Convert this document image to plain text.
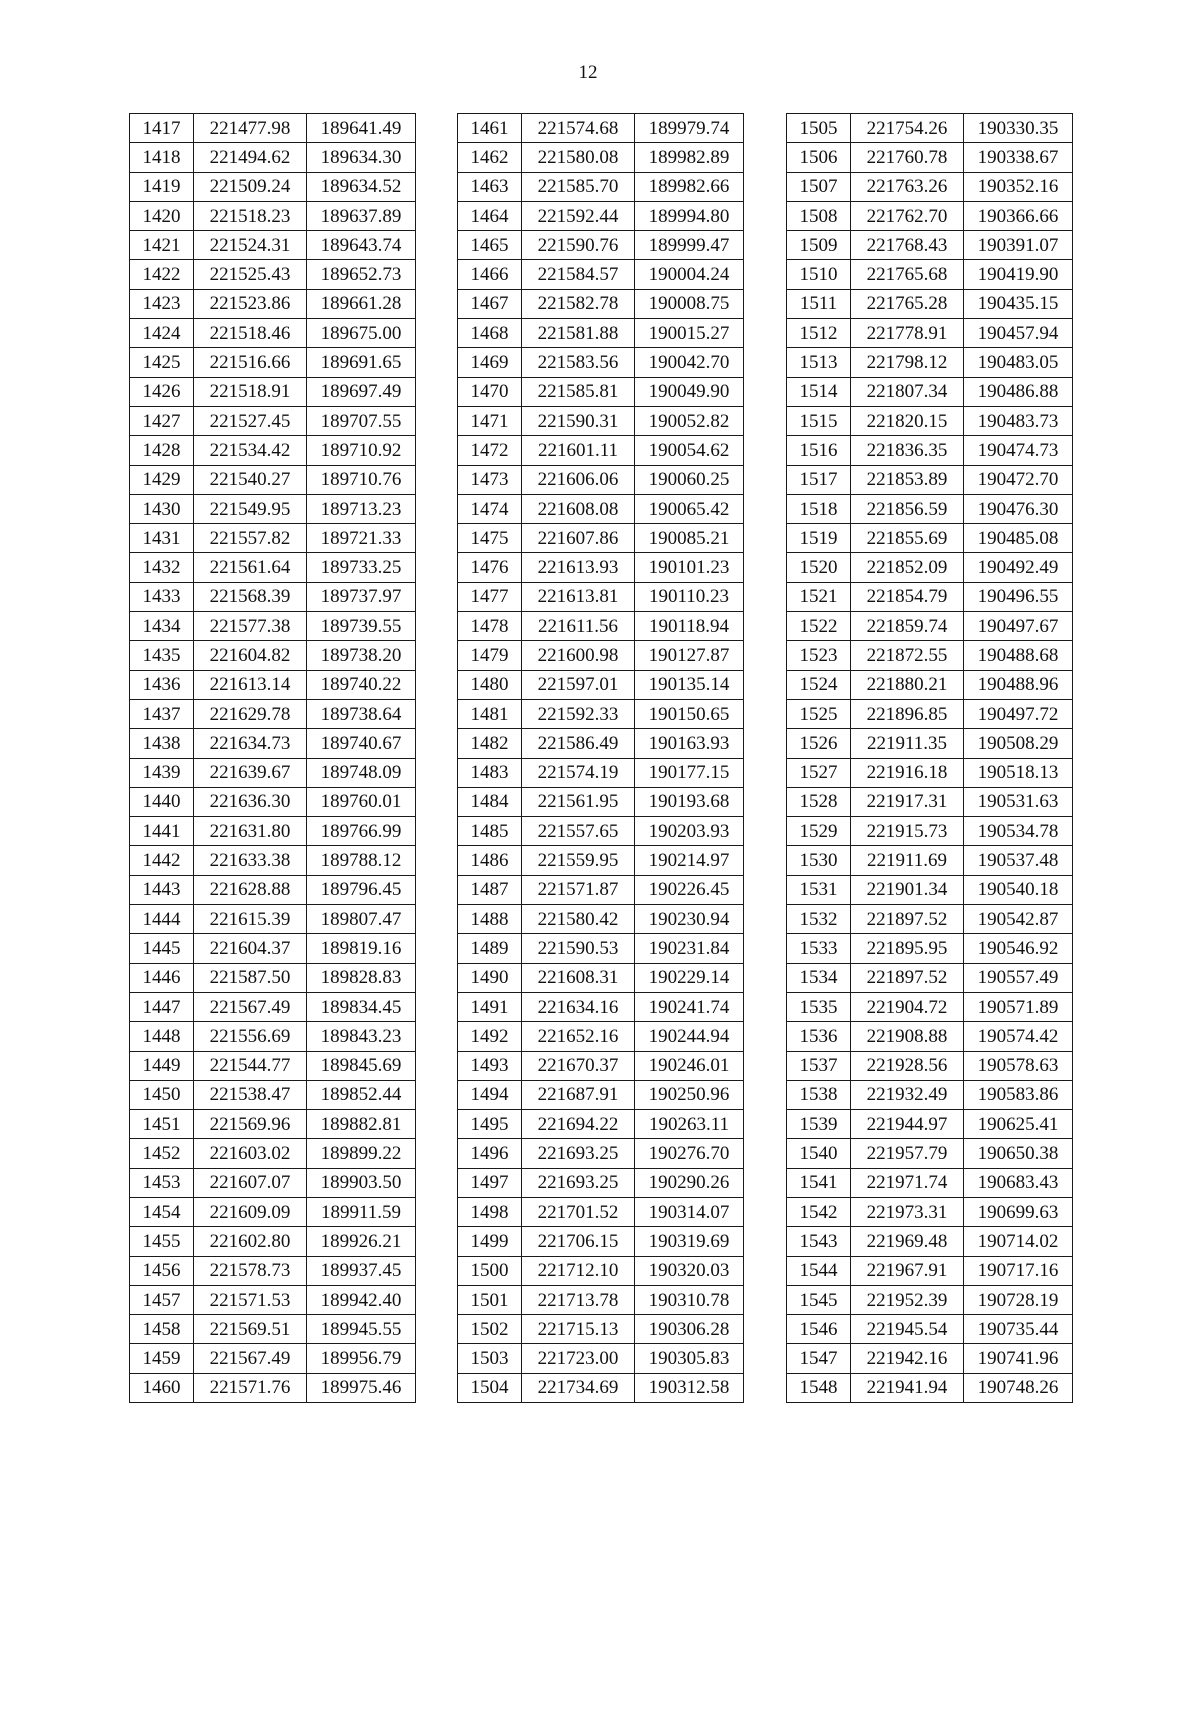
12
1417	221477.98	189641.49
1418	221494.62	189634.30
1419	221509.24	189634.52
1420	221518.23	189637.89
1421	221524.31	189643.74
1422	221525.43	189652.73
1423	221523.86	189661.28
1424	221518.46	189675.00
1425	221516.66	189691.65
1426	221518.91	189697.49
1427	221527.45	189707.55
1428	221534.42	189710.92
1429	221540.27	189710.76
1430	221549.95	189713.23
1431	221557.82	189721.33
1432	221561.64	189733.25
1433	221568.39	189737.97
1434	221577.38	189739.55
1435	221604.82	189738.20
1436	221613.14	189740.22
1437	221629.78	189738.64
1438	221634.73	189740.67
1439	221639.67	189748.09
1440	221636.30	189760.01
1441	221631.80	189766.99
1442	221633.38	189788.12
1443	221628.88	189796.45
1444	221615.39	189807.47
1445	221604.37	189819.16
1446	221587.50	189828.83
1447	221567.49	189834.45
1448	221556.69	189843.23
1449	221544.77	189845.69
1450	221538.47	189852.44
1451	221569.96	189882.81
1452	221603.02	189899.22
1453	221607.07	189903.50
1454	221609.09	189911.59
1455	221602.80	189926.21
1456	221578.73	189937.45
1457	221571.53	189942.40
1458	221569.51	189945.55
1459	221567.49	189956.79
1460	221571.76	189975.46
1461	221574.68	189979.74
1462	221580.08	189982.89
1463	221585.70	189982.66
1464	221592.44	189994.80
1465	221590.76	189999.47
1466	221584.57	190004.24
1467	221582.78	190008.75
1468	221581.88	190015.27
1469	221583.56	190042.70
1470	221585.81	190049.90
1471	221590.31	190052.82
1472	221601.11	190054.62
1473	221606.06	190060.25
1474	221608.08	190065.42
1475	221607.86	190085.21
1476	221613.93	190101.23
1477	221613.81	190110.23
1478	221611.56	190118.94
1479	221600.98	190127.87
1480	221597.01	190135.14
1481	221592.33	190150.65
1482	221586.49	190163.93
1483	221574.19	190177.15
1484	221561.95	190193.68
1485	221557.65	190203.93
1486	221559.95	190214.97
1487	221571.87	190226.45
1488	221580.42	190230.94
1489	221590.53	190231.84
1490	221608.31	190229.14
1491	221634.16	190241.74
1492	221652.16	190244.94
1493	221670.37	190246.01
1494	221687.91	190250.96
1495	221694.22	190263.11
1496	221693.25	190276.70
1497	221693.25	190290.26
1498	221701.52	190314.07
1499	221706.15	190319.69
1500	221712.10	190320.03
1501	221713.78	190310.78
1502	221715.13	190306.28
1503	221723.00	190305.83
1504	221734.69	190312.58
1505	221754.26	190330.35
1506	221760.78	190338.67
1507	221763.26	190352.16
1508	221762.70	190366.66
1509	221768.43	190391.07
1510	221765.68	190419.90
1511	221765.28	190435.15
1512	221778.91	190457.94
1513	221798.12	190483.05
1514	221807.34	190486.88
1515	221820.15	190483.73
1516	221836.35	190474.73
1517	221853.89	190472.70
1518	221856.59	190476.30
1519	221855.69	190485.08
1520	221852.09	190492.49
1521	221854.79	190496.55
1522	221859.74	190497.67
1523	221872.55	190488.68
1524	221880.21	190488.96
1525	221896.85	190497.72
1526	221911.35	190508.29
1527	221916.18	190518.13
1528	221917.31	190531.63
1529	221915.73	190534.78
1530	221911.69	190537.48
1531	221901.34	190540.18
1532	221897.52	190542.87
1533	221895.95	190546.92
1534	221897.52	190557.49
1535	221904.72	190571.89
1536	221908.88	190574.42
1537	221928.56	190578.63
1538	221932.49	190583.86
1539	221944.97	190625.41
1540	221957.79	190650.38
1541	221971.74	190683.43
1542	221973.31	190699.63
1543	221969.48	190714.02
1544	221967.91	190717.16
1545	221952.39	190728.19
1546	221945.54	190735.44
1547	221942.16	190741.96
1548	221941.94	190748.26
